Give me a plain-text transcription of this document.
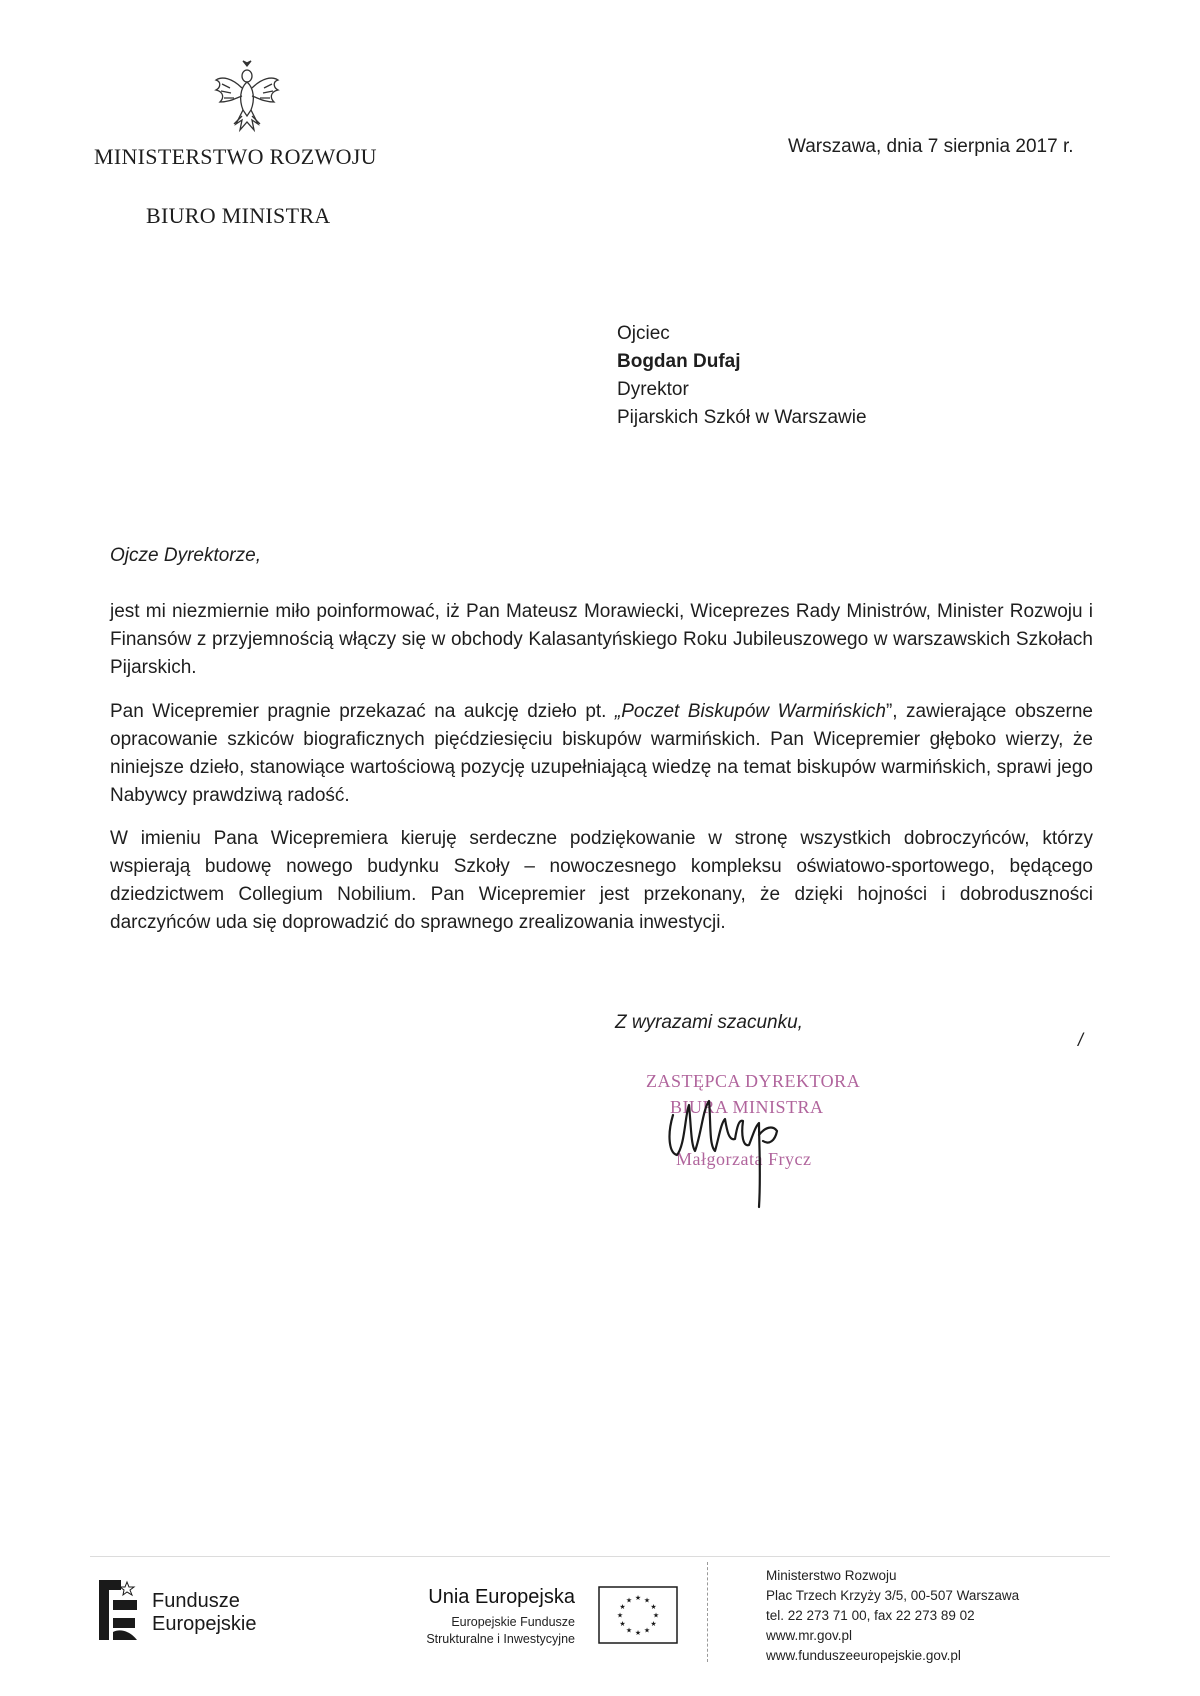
MINISTERSTWO ROZWOJU
BIURO MINISTRA
Warszawa, dnia 7 sierpnia 2017 r.
Ojciec
Bogdan Dufaj
Dyrektor
Pijarskich Szkół w Warszawie
Ojcze Dyrektorze,
jest mi niezmiernie miło poinformować, iż Pan Mateusz Morawiecki, Wiceprezes Rady Ministrów, Minister Rozwoju i Finansów z przyjemnością włączy się w obchody Kalasantyńskiego Roku Jubileuszowego w warszawskich Szkołach Pijarskich.
Pan Wicepremier pragnie przekazać na aukcję dzieło pt. „Poczet Biskupów Warmińskich”, zawierające obszerne opracowanie szkiców biograficznych pięćdziesięciu biskupów warmińskich. Pan Wicepremier głęboko wierzy, że niniejsze dzieło, stanowiące wartościową pozycję uzupełniającą wiedzę na temat biskupów warmińskich, sprawi jego Nabywcy prawdziwą radość.
W imieniu Pana Wicepremiera kieruję serdeczne podziękowanie w stronę wszystkich dobroczyńców, którzy wspierają budowę nowego budynku Szkoły – nowoczesnego kompleksu oświatowo-sportowego, będącego dziedzictwem Collegium Nobilium. Pan Wicepremier jest przekonany, że dzięki hojności i dobroduszności darczyńców uda się doprowadzić do sprawnego zrealizowania inwestycji.
Z wyrazami szacunku,
/
ZASTĘPCA DYREKTORA
BIURA MINISTRA
Małgorzata Frycz
Fundusze
Europejskie
Unia Europejska
Europejskie Fundusze
Strukturalne i Inwestycyjne
★ ★
★
★
★
★
★
★
★
★
★
★
Ministerstwo Rozwoju
Plac Trzech Krzyży 3/5, 00-507 Warszawa
tel. 22 273 71 00, fax 22 273 89 02
www.mr.gov.pl
www.funduszeeuropejskie.gov.pl
